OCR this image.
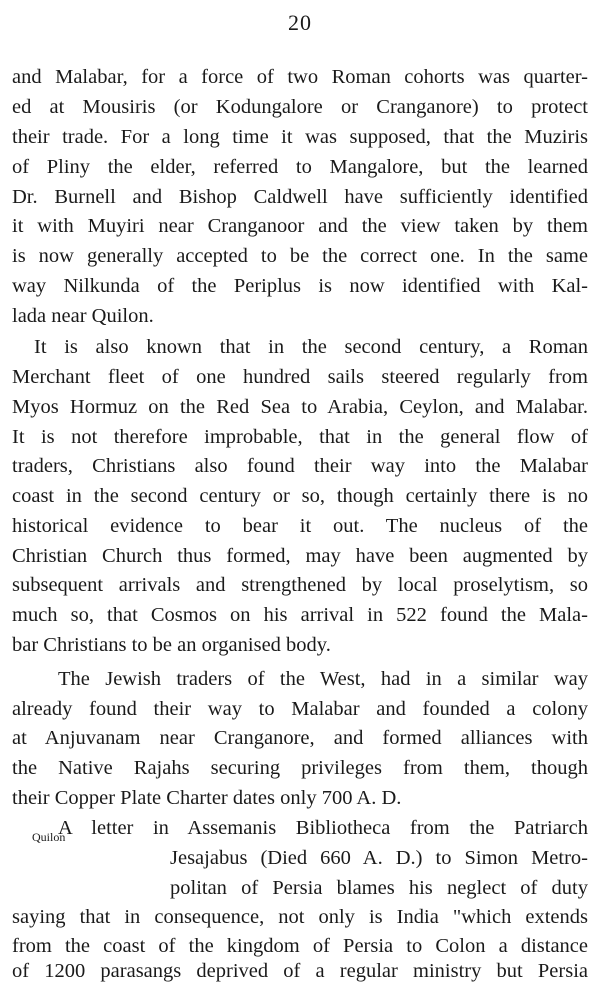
20
and Malabar, for a force of two Roman cohorts was quarter-
ed at Mousiris (or Kodungalore or Cranganore) to protect
their trade. For a long time it was supposed, that the Muziris
of Pliny the elder, referred to Mangalore, but the learned
Dr. Burnell and Bishop Caldwell have sufficiently identified
it with Muyiri near Cranganoor and the view taken by them
is now generally accepted to be the correct one. In the same
way Nilkunda of the Periplus is now identified with Kal-
lada near Quilon.
It is also known that in the second century, a Roman
Merchant fleet of one hundred sails steered regularly from
Myos Hormuz on the Red Sea to Arabia, Ceylon, and Malabar.
It is not therefore improbable, that in the general flow of
traders, Christians also found their way into the Malabar
coast in the second century or so, though certainly there is no
historical evidence to bear it out. The nucleus of the
Christian Church thus formed, may have been augmented by
subsequent arrivals and strengthened by local proselytism, so
much so, that Cosmos on his arrival in 522 found the Mala-
bar Christians to be an organised body.
The Jewish traders of the West, had in a similar way
already found their way to Malabar and founded a colony
at Anjuvanam near Cranganore, and formed alliances with
the Native Rajahs securing privileges from them, though
their Copper Plate Charter dates only 700 A. D.
A letter in Assemanis Bibliotheca from the Patriarch
Jesajabus (Died 660 A. D.) to Simon Metro-
politan of Persia blames his neglect of duty
saying that in consequence, not only is India "which extends
from the coast of the kingdom of Persia to Colon a distance
of 1200 parasangs deprived of a regular ministry but Persia
Quilon
